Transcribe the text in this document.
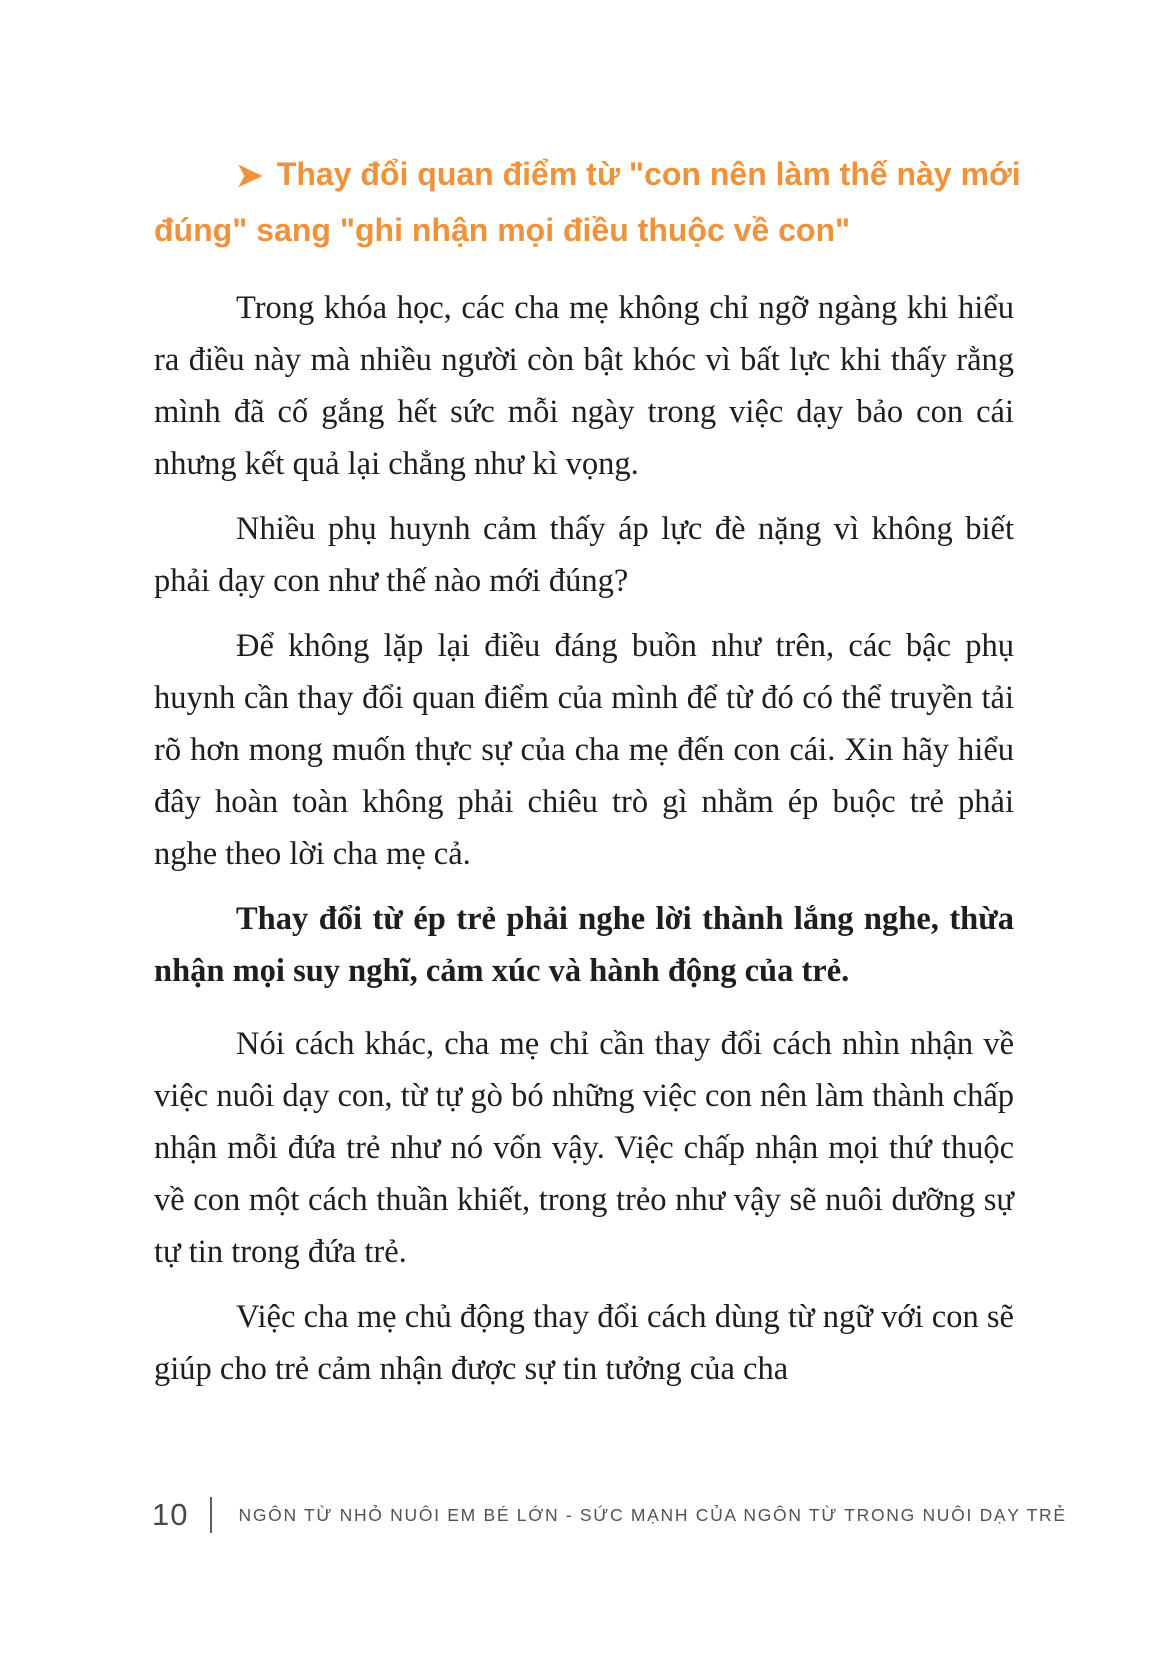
➤ Thay đổi quan điểm từ "con nên làm thế này mới
đúng" sang "ghi nhận mọi điều thuộc về con"

Trong khóa học, các cha mẹ không chỉ ngỡ ngàng khi hiểu ra điều này mà nhiều người còn bật khóc vì bất lực khi thấy rằng mình đã cố gắng hết sức mỗi ngày trong việc dạy bảo con cái nhưng kết quả lại chẳng như kì vọng.

Nhiều phụ huynh cảm thấy áp lực đè nặng vì không biết phải dạy con như thế nào mới đúng?

Để không lặp lại điều đáng buồn như trên, các bậc phụ huynh cần thay đổi quan điểm của mình để từ đó có thể truyền tải rõ hơn mong muốn thực sự của cha mẹ đến con cái. Xin hãy hiểu đây hoàn toàn không phải chiêu trò gì nhằm ép buộc trẻ phải nghe theo lời cha mẹ cả.

Thay đổi từ ép trẻ phải nghe lời thành lắng nghe, thừa nhận mọi suy nghĩ, cảm xúc và hành động của trẻ.

Nói cách khác, cha mẹ chỉ cần thay đổi cách nhìn nhận về việc nuôi dạy con, từ tự gò bó những việc con nên làm thành chấp nhận mỗi đứa trẻ như nó vốn vậy. Việc chấp nhận mọi thứ thuộc về con một cách thuần khiết, trong trẻo như vậy sẽ nuôi dưỡng sự tự tin trong đứa trẻ.

Việc cha mẹ chủ động thay đổi cách dùng từ ngữ với con sẽ giúp cho trẻ cảm nhận được sự tin tưởng của cha

10	NGÔN TỪ NHỎ NUÔI EM BÉ LỚN - SỨC MẠNH CỦA NGÔN TỪ TRONG NUÔI DẠY TRẺ
